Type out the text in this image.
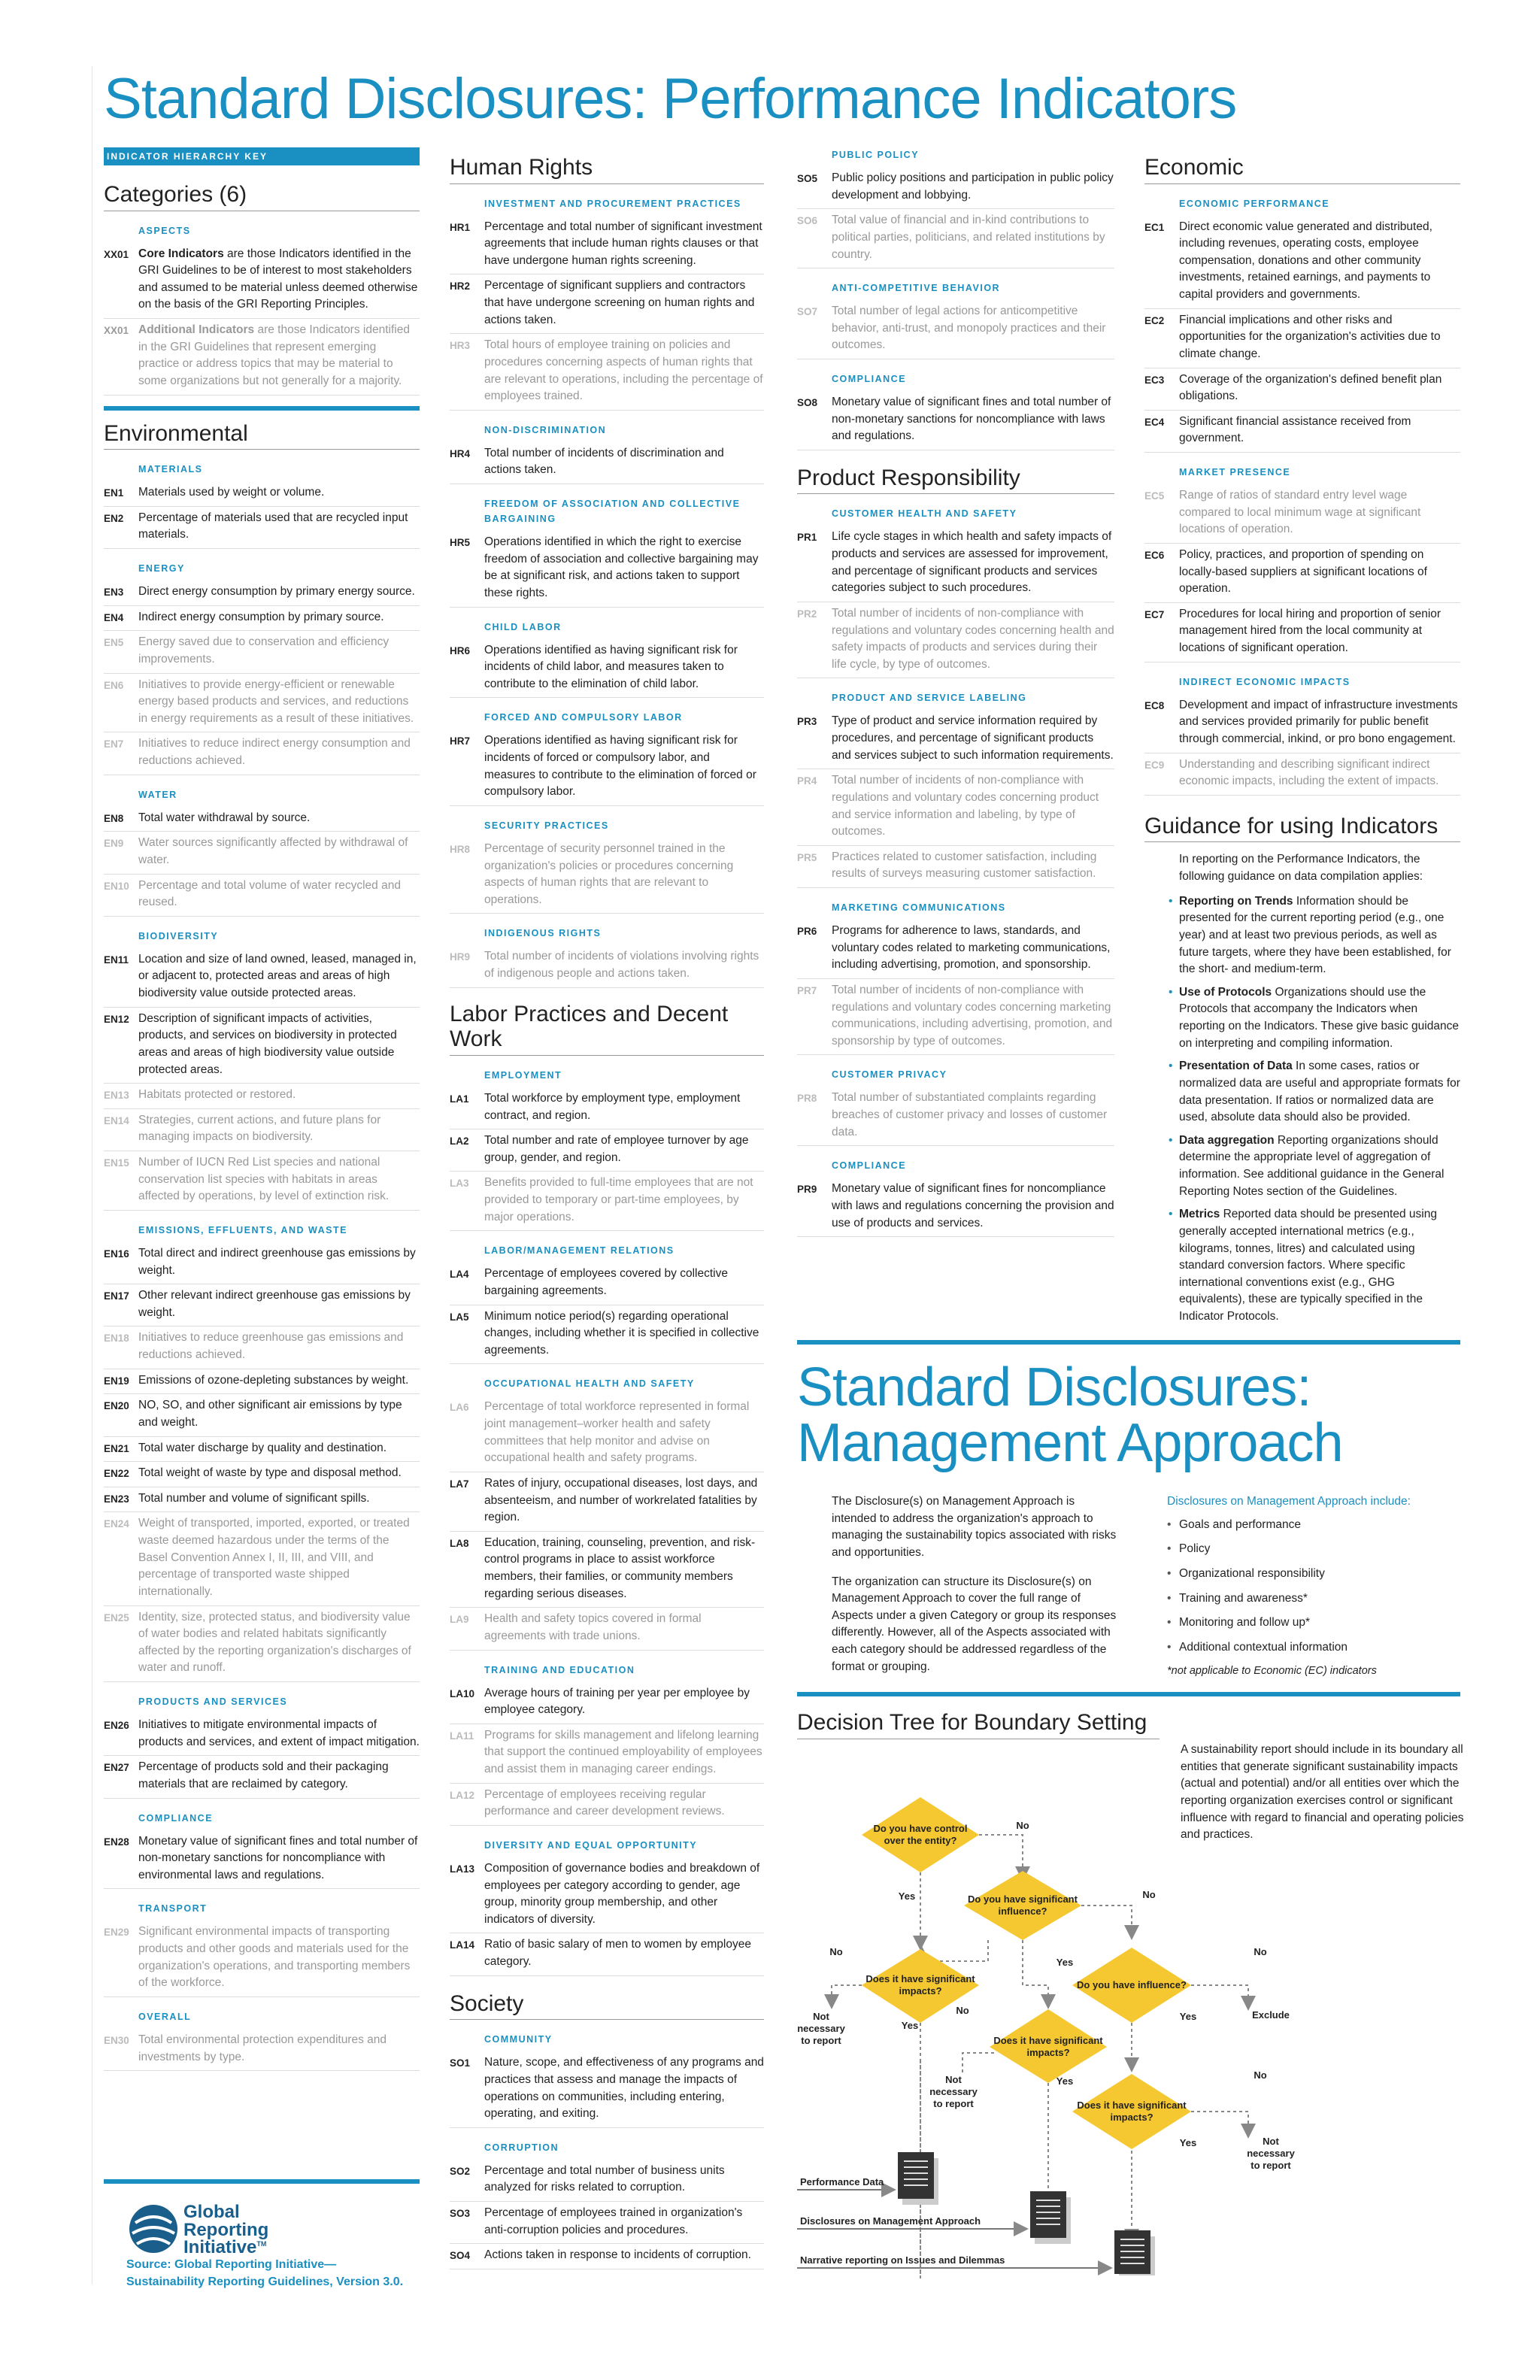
Standard Disclosures: Performance Indicators
INDICATOR HIERARCHY KEY
Categories (6)
ASPECTS
XX01 Core Indicators are those Indicators identified in the GRI Guidelines to be of interest to most stakeholders and assumed to be material unless deemed otherwise on the basis of the GRI Reporting Principles.
XX01 Additional Indicators are those Indicators identified in the GRI Guidelines that represent emerging practice or address topics that may be material to some organizations but not generally for a majority.
Environmental
MATERIALS
EN1	Materials used by weight or volume.
EN2	Percentage of materials used that are recycled input materials.
ENERGY
EN3	Direct energy consumption by primary energy source.
EN4	Indirect energy consumption by primary source.
EN5	Energy saved due to conservation and efficiency improvements.
EN6	Initiatives to provide energy-efficient or renewable energy based products and services, and reductions in energy requirements as a result of these initiatives.
EN7	Initiatives to reduce indirect energy consumption and reductions achieved.
WATER
EN8	Total water withdrawal by source.
EN9	Water sources significantly affected by withdrawal of water.
EN10 Percentage and total volume of water recycled and reused.
BIODIVERSITY
EN11 Location and size of land owned, leased, managed in, or adjacent to, protected areas and areas of high biodiversity value outside protected areas.
EN12 Description of significant impacts of activities, products, and services on biodiversity in protected areas and areas of high biodiversity value outside protected areas.
EN13 Habitats protected or restored.
EN14 Strategies, current actions, and future plans for managing impacts on biodiversity.
EN15 Number of IUCN Red List species and national conservation list species with habitats in areas affected by operations, by level of extinction risk.
EMISSIONS, EFFLUENTS, AND WASTE
EN16 Total direct and indirect greenhouse gas emissions by weight.
EN17 Other relevant indirect greenhouse gas emissions by weight.
EN18 Initiatives to reduce greenhouse gas emissions and reductions achieved.
EN19 Emissions of ozone-depleting substances by weight.
EN20 NO, SO, and other significant air emissions by type and weight.
EN21 Total water discharge by quality and destination.
EN22 Total weight of waste by type and disposal method.
EN23 Total number and volume of significant spills.
EN24 Weight of transported, imported, exported, or treated waste deemed hazardous under the terms of the Basel Convention Annex I, II, III, and VIII, and percentage of transported waste shipped internationally.
EN25 Identity, size, protected status, and biodiversity value of water bodies and related habitats significantly affected by the reporting organization's discharges of water and runoff.
PRODUCTS AND SERVICES
EN26 Initiatives to mitigate environmental impacts of products and services, and extent of impact mitigation.
EN27 Percentage of products sold and their packaging materials that are reclaimed by category.
COMPLIANCE
EN28 Monetary value of significant fines and total number of non-monetary sanctions for noncompliance with environmental laws and regulations.
TRANSPORT
EN29 Significant environmental impacts of transporting products and other goods and materials used for the organization's operations, and transporting members of the workforce.
OVERALL
EN30 Total environmental protection expenditures and investments by type.
Human Rights
INVESTMENT AND PROCUREMENT PRACTICES
HR1	Percentage and total number of significant investment agreements that include human rights clauses or that have undergone human rights screening.
HR2	Percentage of significant suppliers and contractors that have undergone screening on human rights and actions taken.
HR3	Total hours of employee training on policies and procedures concerning aspects of human rights that are relevant to operations, including the percentage of employees trained.
NON-DISCRIMINATION
HR4	Total number of incidents of discrimination and actions taken.
FREEDOM OF ASSOCIATION AND COLLECTIVE BARGAINING
HR5	Operations identified in which the right to exercise freedom of association and collective bargaining may be at significant risk, and actions taken to support these rights.
CHILD LABOR
HR6	Operations identified as having significant risk for incidents of child labor, and measures taken to contribute to the elimination of child labor.
FORCED AND COMPULSORY LABOR
HR7	Operations identified as having significant risk for incidents of forced or compulsory labor, and measures to contribute to the elimination of forced or compulsory labor.
SECURITY PRACTICES
HR8	Percentage of security personnel trained in the organization's policies or procedures concerning aspects of human rights that are relevant to operations.
INDIGENOUS RIGHTS
HR9	Total number of incidents of violations involving rights of indigenous people and actions taken.
Labor Practices and Decent Work
EMPLOYMENT
LA1	Total workforce by employment type, employment contract, and region.
LA2	Total number and rate of employee turnover by age group, gender, and region.
LA3	Benefits provided to full-time employees that are not provided to temporary or part-time employees, by major operations.
LABOR/MANAGEMENT RELATIONS
LA4	Percentage of employees covered by collective bargaining agreements.
LA5	Minimum notice period(s) regarding operational changes, including whether it is specified in collective agreements.
OCCUPATIONAL HEALTH AND SAFETY
LA6	Percentage of total workforce represented in formal joint management–worker health and safety committees that help monitor and advise on occupational health and safety programs.
LA7	Rates of injury, occupational diseases, lost days, and absenteeism, and number of workrelated fatalities by region.
LA8	Education, training, counseling, prevention, and risk-control programs in place to assist workforce members, their families, or community members regarding serious diseases.
LA9	Health and safety topics covered in formal agreements with trade unions.
TRAINING AND EDUCATION
LA10 Average hours of training per year per employee by employee category.
LA11 Programs for skills management and lifelong learning that support the continued employability of employees and assist them in managing career endings.
LA12 Percentage of employees receiving regular performance and career development reviews.
DIVERSITY AND EQUAL OPPORTUNITY
LA13 Composition of governance bodies and breakdown of employees per category according to gender, age group, minority group membership, and other indicators of diversity.
LA14 Ratio of basic salary of men to women by employee category.
Society
COMMUNITY
SO1	Nature, scope, and effectiveness of any programs and practices that assess and manage the impacts of operations on communities, including entering, operating, and exiting.
CORRUPTION
SO2	Percentage and total number of business units analyzed for risks related to corruption.
SO3	Percentage of employees trained in organization's anti-corruption policies and procedures.
SO4	Actions taken in response to incidents of corruption.
PUBLIC POLICY
SO5	Public policy positions and participation in public policy development and lobbying.
SO6	Total value of financial and in-kind contributions to political parties, politicians, and related institutions by country.
ANTI-COMPETITIVE BEHAVIOR
SO7	Total number of legal actions for anticompetitive behavior, anti-trust, and monopoly practices and their outcomes.
COMPLIANCE
SO8	Monetary value of significant fines and total number of non-monetary sanctions for noncompliance with laws and regulations.
Product Responsibility
CUSTOMER HEALTH AND SAFETY
PR1	Life cycle stages in which health and safety impacts of products and services are assessed for improvement, and percentage of significant products and services categories subject to such procedures.
PR2	Total number of incidents of non-compliance with regulations and voluntary codes concerning health and safety impacts of products and services during their life cycle, by type of outcomes.
PRODUCT AND SERVICE LABELING
PR3	Type of product and service information required by procedures, and percentage of significant products and services subject to such information requirements.
PR4	Total number of incidents of non-compliance with regulations and voluntary codes concerning product and service information and labeling, by type of outcomes.
PR5	Practices related to customer satisfaction, including results of surveys measuring customer satisfaction.
MARKETING COMMUNICATIONS
PR6	Programs for adherence to laws, standards, and voluntary codes related to marketing communications, including advertising, promotion, and sponsorship.
PR7	Total number of incidents of non-compliance with regulations and voluntary codes concerning marketing communications, including advertising, promotion, and sponsorship by type of outcomes.
CUSTOMER PRIVACY
PR8	Total number of substantiated complaints regarding breaches of customer privacy and losses of customer data.
COMPLIANCE
PR9	Monetary value of significant fines for noncompliance with laws and regulations concerning the provision and use of products and services.
Economic
ECONOMIC PERFORMANCE
EC1	Direct economic value generated and distributed, including revenues, operating costs, employee compensation, donations and other community investments, retained earnings, and payments to capital providers and governments.
EC2	Financial implications and other risks and opportunities for the organization's activities due to climate change.
EC3	Coverage of the organization's defined benefit plan obligations.
EC4	Significant financial assistance received from government.
MARKET PRESENCE
EC5	Range of ratios of standard entry level wage compared to local minimum wage at significant locations of operation.
EC6	Policy, practices, and proportion of spending on locally-based suppliers at significant locations of operation.
EC7	Procedures for local hiring and proportion of senior management hired from the local community at locations of significant operation.
INDIRECT ECONOMIC IMPACTS
EC8	Development and impact of infrastructure investments and services provided primarily for public benefit through commercial, inkind, or pro bono engagement.
EC9	Understanding and describing significant indirect economic impacts, including the extent of impacts.
Guidance for using Indicators
In reporting on the Performance Indicators, the following guidance on data compilation applies:
• Reporting on Trends Information should be presented for the current reporting period (e.g., one year) and at least two previous periods, as well as future targets, where they have been established, for the short- and medium-term.
• Use of Protocols Organizations should use the Protocols that accompany the Indicators when reporting on the Indicators. These give basic guidance on interpreting and compiling information.
• Presentation of Data In some cases, ratios or normalized data are useful and appropriate formats for data presentation. If ratios or normalized data are used, absolute data should also be provided.
• Data aggregation Reporting organizations should determine the appropriate level of aggregation of information. See additional guidance in the General Reporting Notes section of the Guidelines.
• Metrics Reported data should be presented using generally accepted international metrics (e.g., kilograms, tonnes, litres) and calculated using standard conversion factors. Where specific international conventions exist (e.g., GHG equivalents), these are typically specified in the Indicator Protocols.
Standard Disclosures:
Management Approach

The Disclosure(s) on Management Approach is intended to address the organization's approach to managing the sustainability topics associated with risks and opportunities.

The organization can structure its Disclosure(s) on Management Approach to cover the full range of Aspects under a given Category or group its responses differently. However, all of the Aspects associated with each category should be addressed regardless of the format or grouping.

Disclosures on Management Approach include:
• Goals and performance
• Policy
• Organizational responsibility
• Training and awareness*
• Monitoring and follow up*
• Additional contextual information
*not applicable to Economic (EC) indicators
Decision Tree for Boundary Setting
A sustainability report should include in its boundary all entities that generate significant sustainability impacts (actual and potential) and/or all entities over which the reporting organization exercises control or significant influence with regard to financial and operating policies and practices.
Do you have control
over the entity?
Do you have significant
influence?
Does it have significant
impacts?
Do you have influence?
Does it have significant
impacts?
Does it have significant
impacts?
Yes
No
No
No
Yes
No
Yes
No
Yes
Yes
No
Yes
Not
necessary
to report
Not
necessary
to report
Exclude
Not
necessary
to report
Performance Data
Disclosures on Management Approach
Narrative reporting on Issues and Dilemmas
Global
Reporting
Initiative™
Source: Global Reporting Initiative—
Sustainability Reporting Guidelines, Version 3.0.
